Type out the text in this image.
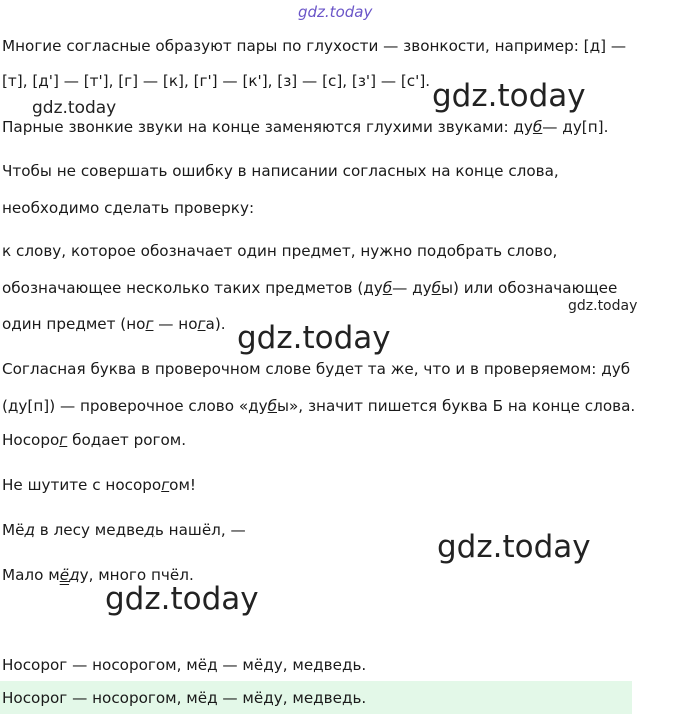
gdz.today
Многие согласные образуют пары по глухости — звонкости, например: [д] —
[т], [д'] — [т'], [г] — [к], [г'] — [к'], [з] — [с], [з'] — [с'].
gdz.today	gdz.today
Парные звонкие звуки на конце заменяются глухими звуками: дуб— ду[п].
Чтобы не совершать ошибку в написании согласных на конце слова,
необходимо сделать проверку:
к слову, которое обозначает один предмет, нужно подобрать слово,
обозначающее несколько таких предметов (дуб— дубы) или обозначающее
gdz.today
один предмет (ног — нога). gdz.today
Согласная буква в проверочном слове будет та же, что и в проверяемом: дуб
(ду[п]) — проверочное слово «дубы», значит пишется буква Б на конце слова.
Носорог бодает рогом.
Не шутите с носорогом!
Мёд в лесу медведь нашёл, —	gdz.today
Мало мёду, много пчёл.
gdz.today
Носорог — носорогом, мёд — мёду, медведь.
Носорог — носорогом, мёд — мёду, медведь.
